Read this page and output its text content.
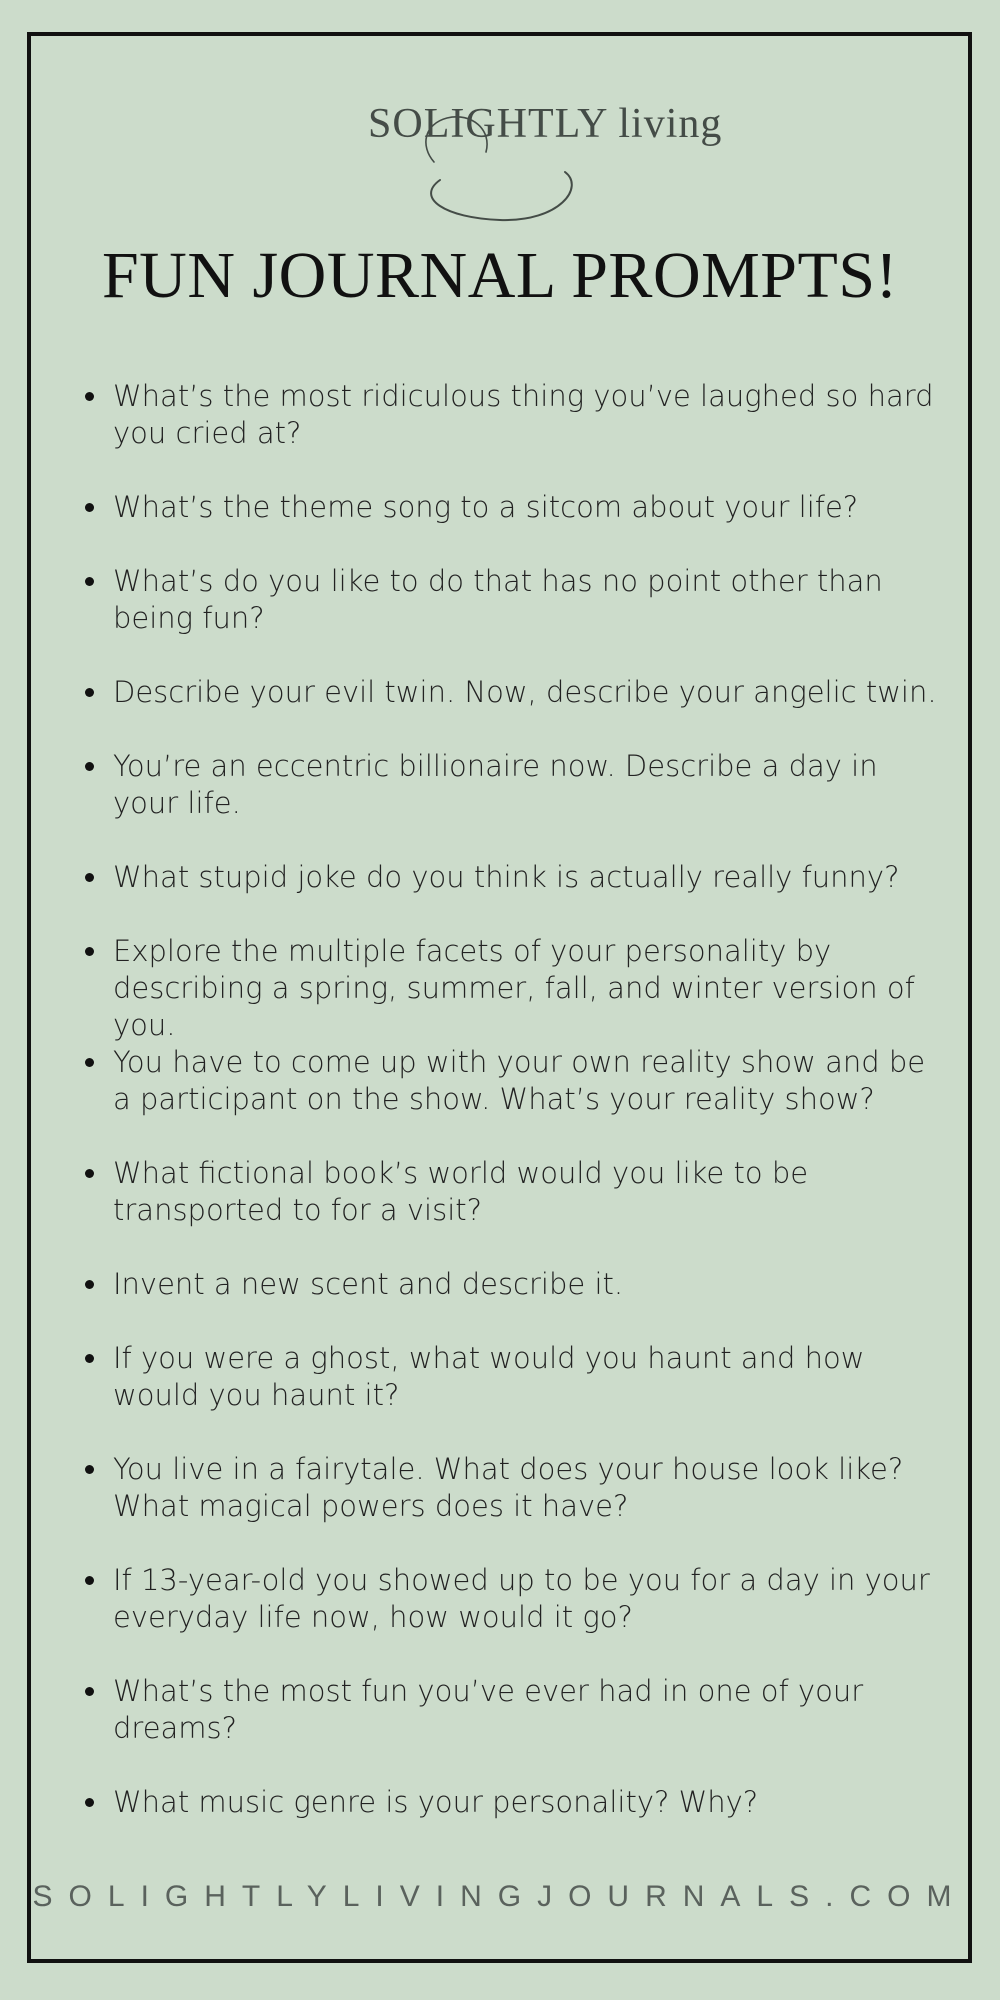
SOLIGHTLY living
FUN JOURNAL PROMPTS!
What’s the most ridiculous thing you’ve laughed so hard you cried at?
What’s the theme song to a sitcom about your life?
What’s do you like to do that has no point other than being fun?
Describe your evil twin. Now, describe your angelic twin.
You’re an eccentric billionaire now. Describe a day in your life.
What stupid joke do you think is actually really funny?
Explore the multiple facets of your personality by describing a spring, summer, fall, and winter version of you.
You have to come up with your own reality show and be a participant on the show. What’s your reality show?
What fictional book’s world would you like to be transported to for a visit?
Invent a new scent and describe it.
If you were a ghost, what would you haunt and how would you haunt it?
You live in a fairytale. What does your house look like? What magical powers does it have?
If 13-year-old you showed up to be you for a day in your everyday life now, how would it go?
What’s the most fun you’ve ever had in one of your dreams?
What music genre is your personality? Why?
SOLIGHTLYLIVINGJOURNALS.COM
